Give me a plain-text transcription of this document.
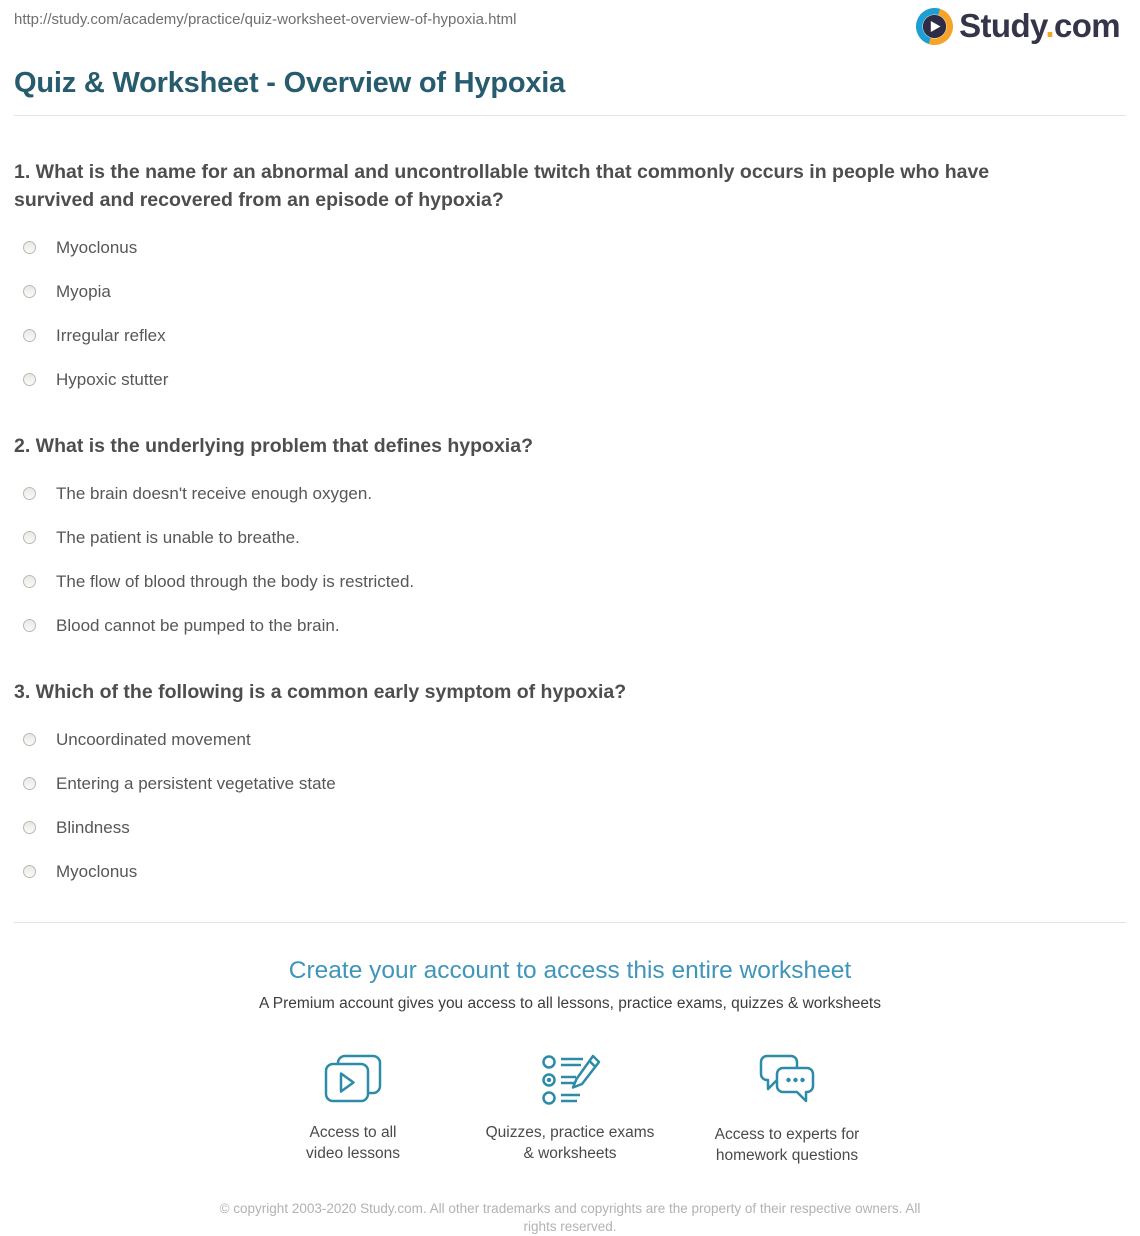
http://study.com/academy/practice/quiz-worksheet-overview-of-hypoxia.html	Study.com
Quiz & Worksheet - Overview of Hypoxia
1. What is the name for an abnormal and uncontrollable twitch that commonly occurs in people who have survived and recovered from an episode of hypoxia?
Myoclonus
Myopia
Irregular reflex
Hypoxic stutter
2. What is the underlying problem that defines hypoxia?
The brain doesn't receive enough oxygen.
The patient is unable to breathe.
The flow of blood through the body is restricted.
Blood cannot be pumped to the brain.
3. Which of the following is a common early symptom of hypoxia?
Uncoordinated movement
Entering a persistent vegetative state
Blindness
Myoclonus
Create your account to access this entire worksheet
A Premium account gives you access to all lessons, practice exams, quizzes & worksheets
Access to all
video lessons
Quizzes, practice exams
& worksheets
Access to experts for
homework questions
© copyright 2003-2020 Study.com. All other trademarks and copyrights are the property of their respective owners. All rights reserved.
